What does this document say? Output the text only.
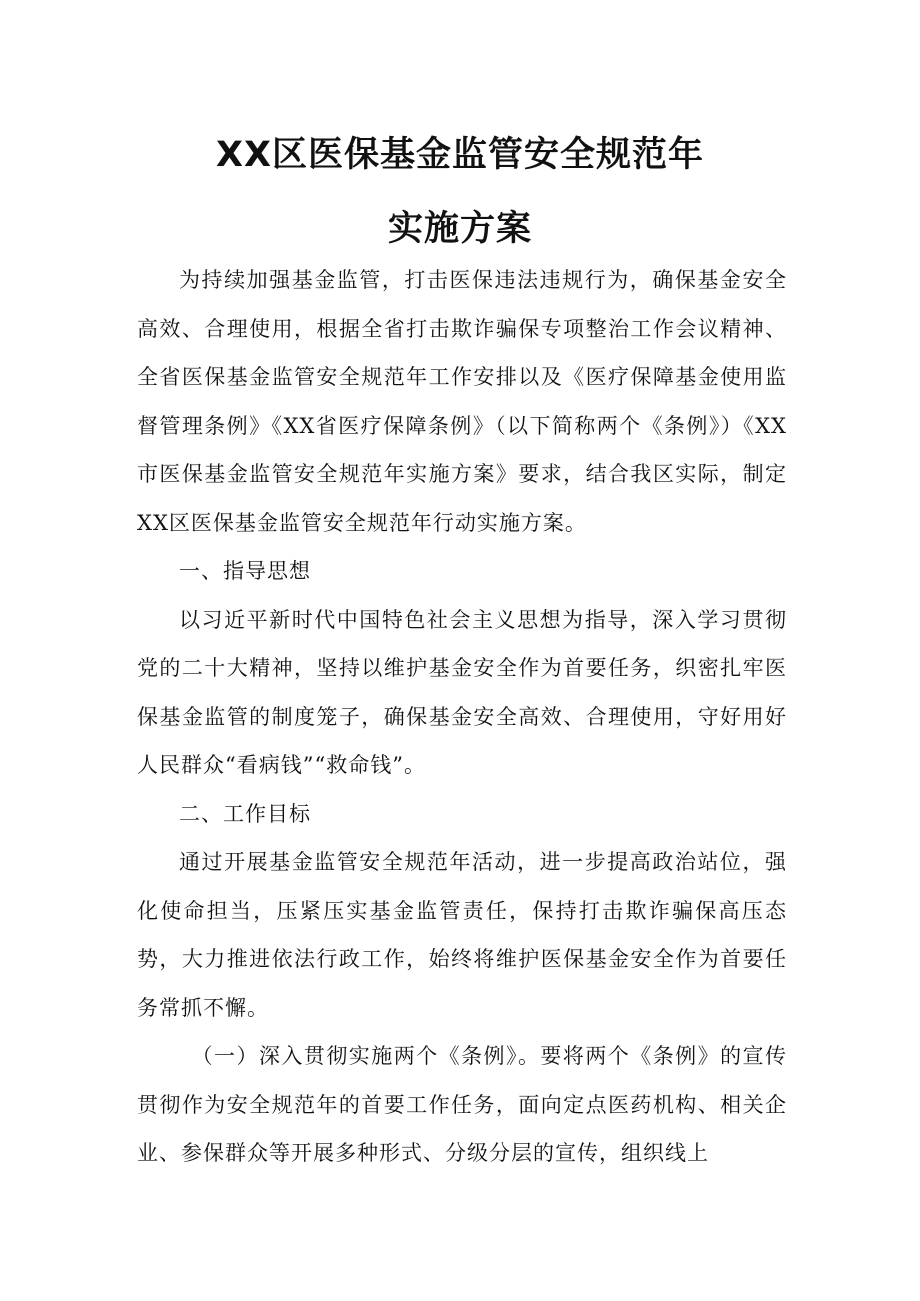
XX区医保基金监管安全规范年
实施方案

为持续加强基金监管，打击医保违法违规行为，确保基金安全高效、合理使用，根据全省打击欺诈骗保专项整治工作会议精神、全省医保基金监管安全规范年工作安排以及《医疗保障基金使用监督管理条例》《XX省医疗保障条例》（以下简称两个《条例》）《XX市医保基金监管安全规范年实施方案》要求，结合我区实际，制定XX区医保基金监管安全规范年行动实施方案。

一、指导思想

以习近平新时代中国特色社会主义思想为指导，深入学习贯彻党的二十大精神，坚持以维护基金安全作为首要任务，织密扎牢医保基金监管的制度笼子，确保基金安全高效、合理使用，守好用好人民群众“看病钱”“救命钱”。

二、工作目标

通过开展基金监管安全规范年活动，进一步提高政治站位，强化使命担当，压紧压实基金监管责任，保持打击欺诈骗保高压态势，大力推进依法行政工作，始终将维护医保基金安全作为首要任务常抓不懈。

（一）深入贯彻实施两个《条例》。要将两个《条例》的宣传贯彻作为安全规范年的首要工作任务，面向定点医药机构、相关企业、参保群众等开展多种形式、分级分层的宣传，组织线上
